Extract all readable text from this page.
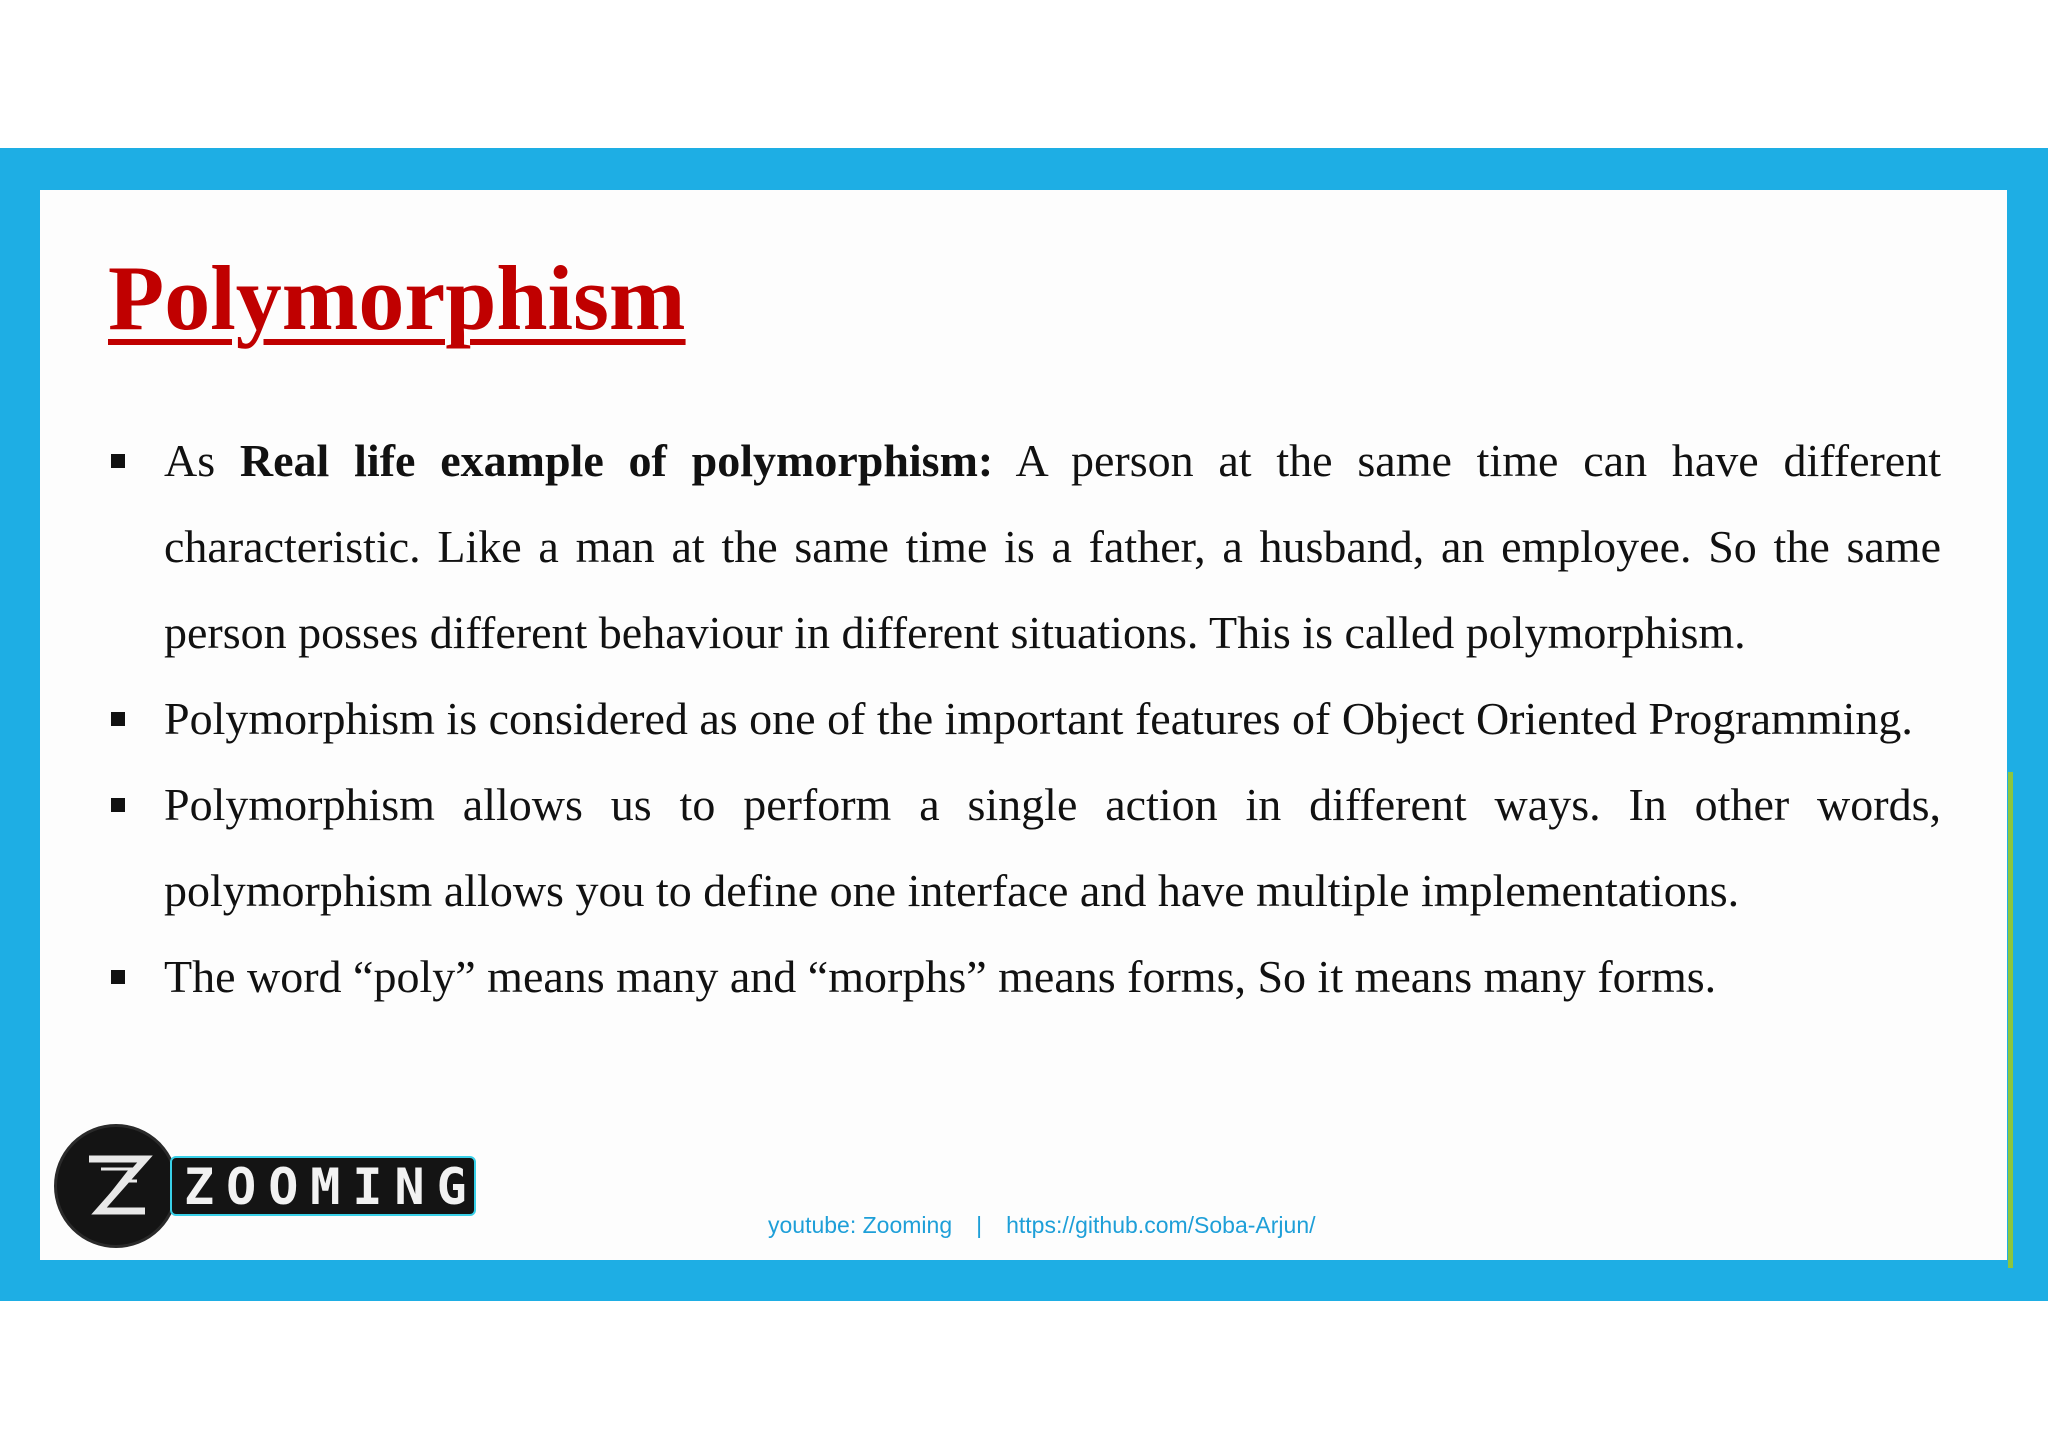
Polymorphism
As Real life example of polymorphism: A person at the same time can have different characteristic. Like a man at the same time is a father, a husband, an employee. So the same person posses different behaviour in different situations. This is called polymorphism.
Polymorphism is considered as one of the important features of Object Oriented Programming.
Polymorphism allows us to perform a single action in different ways. In other words, polymorphism allows you to define one interface and have multiple implementations.
The word “poly” means many and “morphs” means forms, So it means many forms.
ZOOMING
youtube: Zooming | https://github.com/Soba-Arjun/
